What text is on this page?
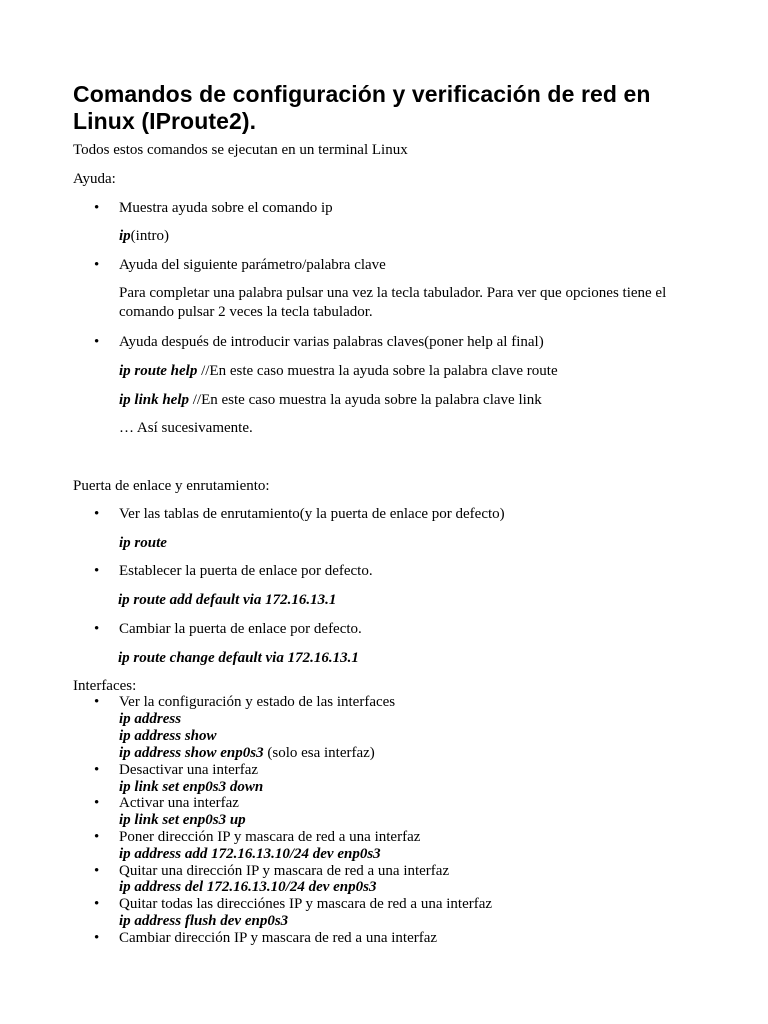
Comandos de configuración y verificación de red en Linux (IProute2).
Todos estos comandos se ejecutan en un terminal Linux
Ayuda:
• Muestra ayuda sobre el comando ip
ip(intro)
• Ayuda del siguiente parámetro/palabra clave
Para completar una palabra pulsar una vez la tecla tabulador. Para ver que opciones tiene el comando pulsar 2 veces la tecla tabulador.
• Ayuda después de introducir varias palabras claves(poner help al final)
ip route help //En este caso muestra la ayuda sobre la palabra clave route
ip link help //En este caso muestra la ayuda sobre la palabra clave link
… Así sucesivamente.
Puerta de enlace y enrutamiento:
• Ver las tablas de enrutamiento(y la puerta de enlace por defecto)
ip route
• Establecer la puerta de enlace por defecto.
ip route add default via 172.16.13.1
• Cambiar la puerta de enlace por defecto.
ip route change default via 172.16.13.1
Interfaces:
• Ver la configuración y estado de las interfaces
ip address
ip address show
ip address show enp0s3 (solo esa interfaz)
• Desactivar una interfaz
ip link set enp0s3 down
• Activar una interfaz
ip link set enp0s3 up
• Poner dirección IP y mascara de red a una interfaz
ip address add 172.16.13.10/24 dev enp0s3
• Quitar una dirección IP y mascara de red a una interfaz
ip address del 172.16.13.10/24 dev enp0s3
• Quitar todas las direcciónes IP y mascara de red a una interfaz
ip address flush dev enp0s3
• Cambiar dirección IP y mascara de red a una interfaz
